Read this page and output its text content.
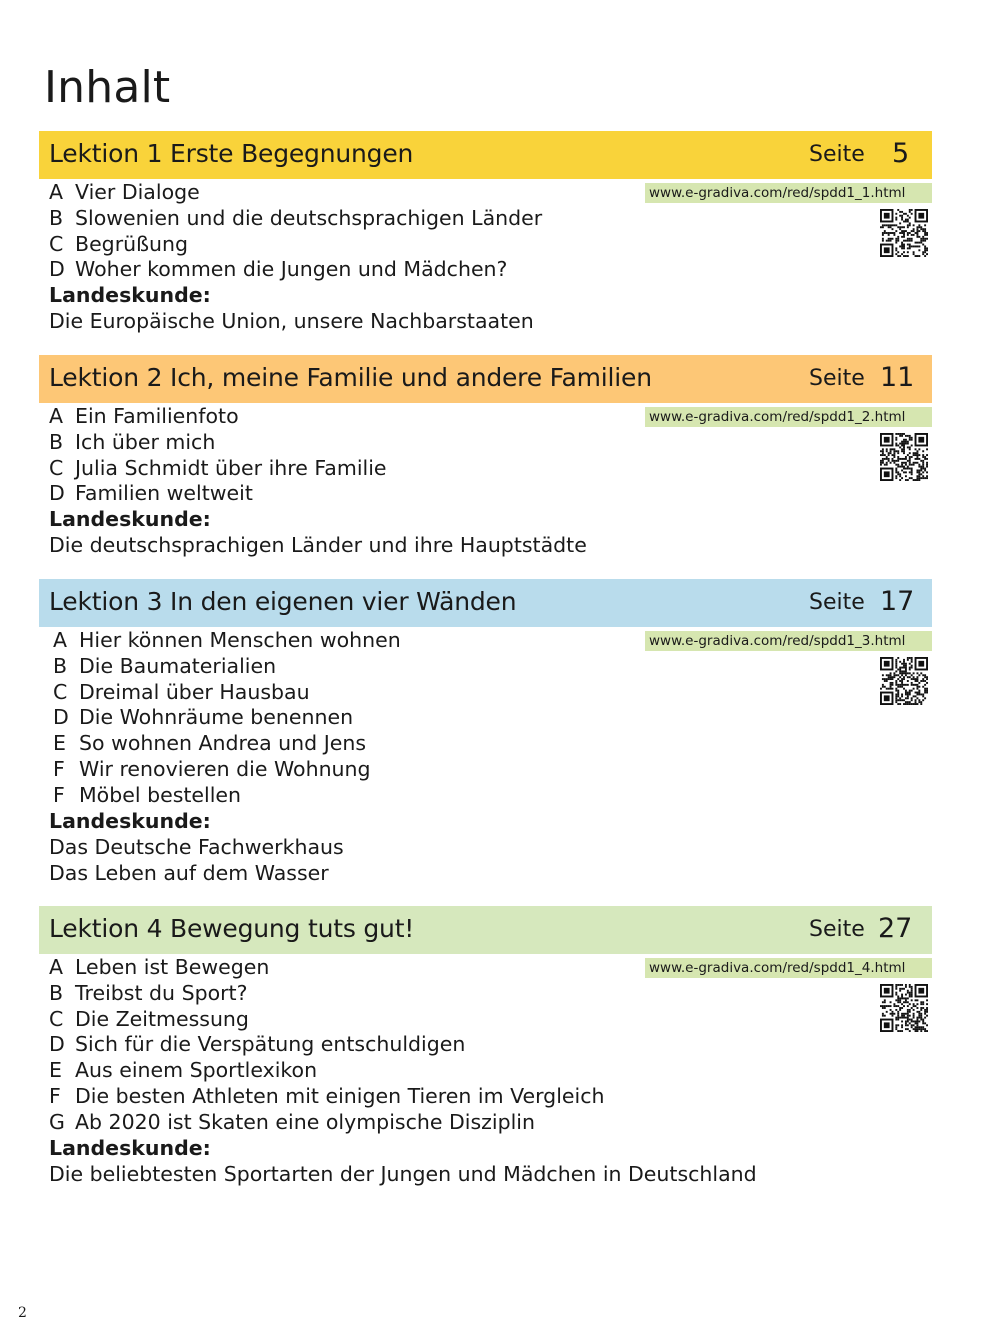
Inhalt
Lektion 1 Erste Begegnungen	Seite 5
www.e-gradiva.com/red/spdd1_1.html
A Vier Dialoge
B Slowenien und die deutschsprachigen Länder
C Begrüßung
D Woher kommen die Jungen und Mädchen?
Landeskunde:
Die Europäische Union, unsere Nachbarstaaten
Lektion 2 Ich, meine Familie und andere Familien	Seite 11
www.e-gradiva.com/red/spdd1_2.html
A Ein Familienfoto
B Ich über mich
C Julia Schmidt über ihre Familie
D Familien weltweit
Landeskunde:
Die deutschsprachigen Länder und ihre Hauptstädte
Lektion 3 In den eigenen vier Wänden	Seite 17
www.e-gradiva.com/red/spdd1_3.html
A Hier können Menschen wohnen
B Die Baumaterialien
C Dreimal über Hausbau
D Die Wohnräume benennen
E So wohnen Andrea und Jens
F Wir renovieren die Wohnung
F Möbel bestellen
Landeskunde:
Das Deutsche Fachwerkhaus
Das Leben auf dem Wasser
Lektion 4 Bewegung tuts gut!	Seite 27
www.e-gradiva.com/red/spdd1_4.html
A Leben ist Bewegen
B Treibst du Sport?
C Die Zeitmessung
D Sich für die Verspätung entschuldigen
E Aus einem Sportlexikon
F Die besten Athleten mit einigen Tieren im Vergleich
G Ab 2020 ist Skaten eine olympische Disziplin
Landeskunde:
Die beliebtesten Sportarten der Jungen und Mädchen in Deutschland
2
